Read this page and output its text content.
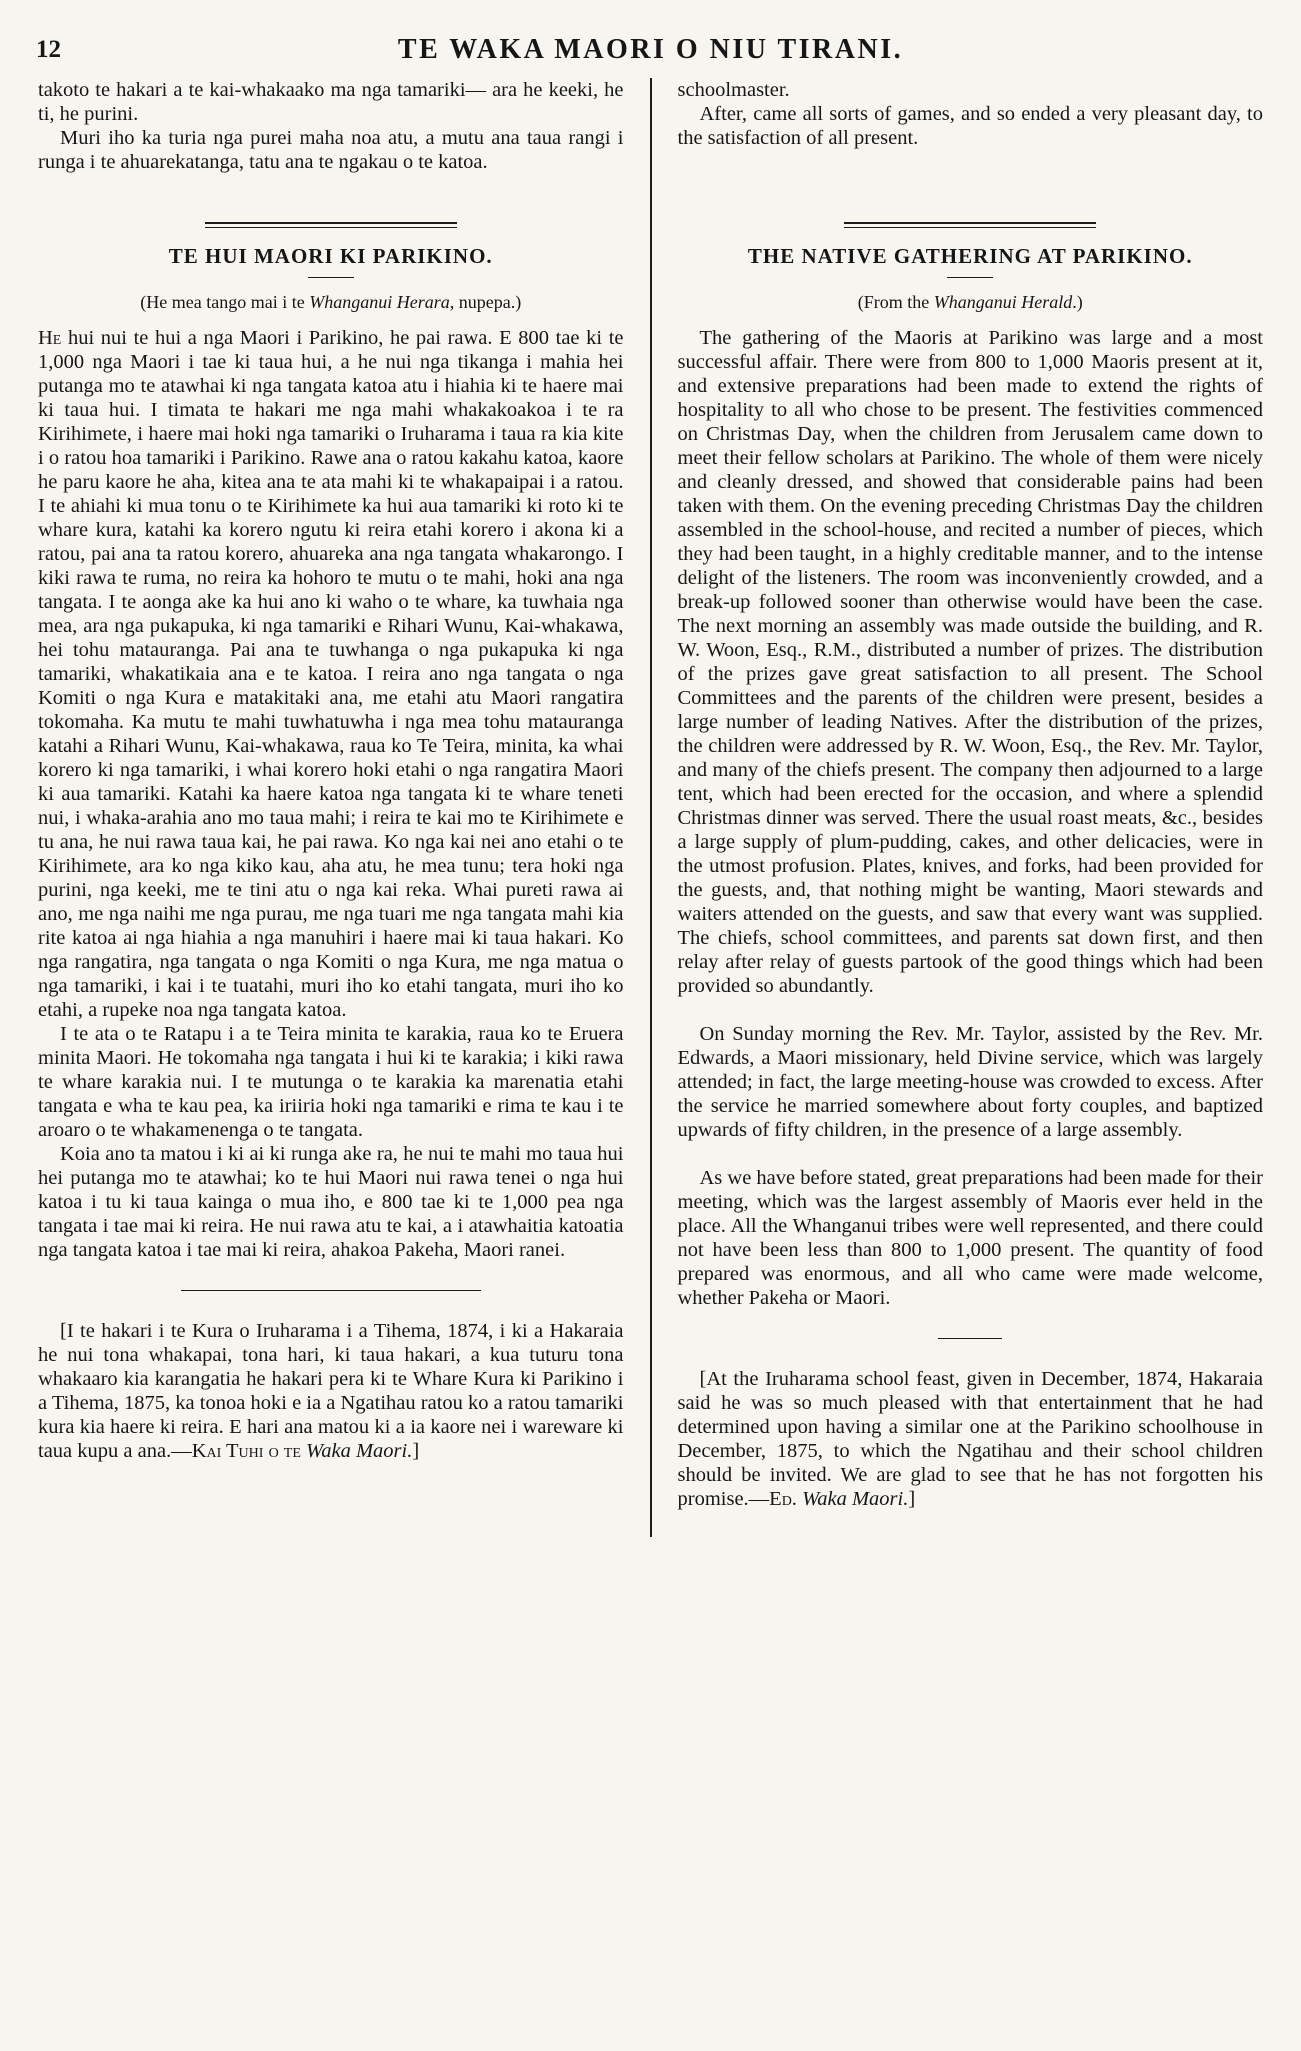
12	TE WAKA MAORI O NIU TIRANI.

takoto te hakari a te kai-whakaako ma nga tamariki— ara he keeki, he ti, he purini.

Muri iho ka turia nga purei maha noa atu, a mutu ana taua rangi i runga i te ahuarekatanga, tatu ana te ngakau o te katoa.

TE HUI MAORI KI PARIKINO.

(He mea tango mai i te Whanganui Herara, nupepa.)

He hui nui te hui a nga Maori i Parikino, he pai rawa. E 800 tae ki te 1,000 nga Maori i tae ki taua hui, a he nui nga tikanga i mahia hei putanga mo te atawhai ki nga tangata katoa atu i hiahia ki te haere mai ki taua hui. I timata te hakari me nga mahi whakakoakoa i te ra Kirihimete, i haere mai hoki nga tamariki o Iruharama i taua ra kia kite i o ratou hoa tamariki i Parikino. Rawe ana o ratou kakahu katoa, kaore he paru kaore he aha, kitea ana te ata mahi ki te whakapaipai i a ratou. I te ahiahi ki mua tonu o te Kirihimete ka hui aua tamariki ki roto ki te whare kura, katahi ka korero ngutu ki reira etahi korero i akona ki a ratou, pai ana ta ratou korero, ahuareka ana nga tangata whakarongo. I kiki rawa te ruma, no reira ka hohoro te mutu o te mahi, hoki ana nga tangata. I te aonga ake ka hui ano ki waho o te whare, ka tuwhaia nga mea, ara nga pukapuka, ki nga tamariki e Rihari Wunu, Kai-whakawa, hei tohu matauranga. Pai ana te tuwhanga o nga pukapuka ki nga tamariki, whakatikaia ana e te katoa. I reira ano nga tangata o nga Komiti o nga Kura e matakitaki ana, me etahi atu Maori rangatira tokomaha. Ka mutu te mahi tuwhatuwha i nga mea tohu matauranga katahi a Rihari Wunu, Kai-whakawa, raua ko Te Teira, minita, ka whai korero ki nga tamariki, i whai korero hoki etahi o nga rangatira Maori ki aua tamariki. Katahi ka haere katoa nga tangata ki te whare teneti nui, i whaka-arahia ano mo taua mahi; i reira te kai mo te Kirihimete e tu ana, he nui rawa taua kai, he pai rawa. Ko nga kai nei ano etahi o te Kirihimete, ara ko nga kiko kau, aha atu, he mea tunu; tera hoki nga purini, nga keeki, me te tini atu o nga kai reka. Whai pureti rawa ai ano, me nga naihi me nga purau, me nga tuari me nga tangata mahi kia rite katoa ai nga hiahia a nga manuhiri i haere mai ki taua hakari. Ko nga rangatira, nga tangata o nga Komiti o nga Kura, me nga matua o nga tamariki, i kai i te tuatahi, muri iho ko etahi tangata, muri iho ko etahi, a rupeke noa nga tangata katoa.

I te ata o te Ratapu i a te Teira minita te karakia, raua ko te Eruera minita Maori. He tokomaha nga tangata i hui ki te karakia; i kiki rawa te whare karakia nui. I te mutunga o te karakia ka marenatia etahi tangata e wha te kau pea, ka iriiria hoki nga tamariki e rima te kau i te aroaro o te whakamenenga o te tangata.

Koia ano ta matou i ki ai ki runga ake ra, he nui te mahi mo taua hui hei putanga mo te atawhai; ko te hui Maori nui rawa tenei o nga hui katoa i tu ki taua kainga o mua iho, e 800 tae ki te 1,000 pea nga tangata i tae mai ki reira. He nui rawa atu te kai, a i atawhaitia katoatia nga tangata katoa i tae mai ki reira, ahakoa Pakeha, Maori ranei.

[I te hakari i te Kura o Iruharama i a Tihema, 1874, i ki a Hakaraia he nui tona whakapai, tona hari, ki taua hakari, a kua tuturu tona whakaaro kia karangatia he hakari pera ki te Whare Kura ki Parikino i a Tihema, 1875, ka tonoa hoki e ia a Ngatihau ratou ko a ratou tamariki kura kia haere ki reira. E hari ana matou ki a ia kaore nei i wareware ki taua kupu a ana.—Kai Tuhi o te Waka Maori.]

schoolmaster.

After, came all sorts of games, and so ended a very pleasant day, to the satisfaction of all present.

THE NATIVE GATHERING AT PARIKINO.

(From the Whanganui Herald.)

The gathering of the Maoris at Parikino was large and a most successful affair. There were from 800 to 1,000 Maoris present at it, and extensive preparations had been made to extend the rights of hospitality to all who chose to be present. The festivities commenced on Christmas Day, when the children from Jerusalem came down to meet their fellow scholars at Parikino. The whole of them were nicely and cleanly dressed, and showed that considerable pains had been taken with them. On the evening preceding Christmas Day the children assembled in the school-house, and recited a number of pieces, which they had been taught, in a highly creditable manner, and to the intense delight of the listeners. The room was inconveniently crowded, and a break-up followed sooner than otherwise would have been the case. The next morning an assembly was made outside the building, and R. W. Woon, Esq., R.M., distributed a number of prizes. The distribution of the prizes gave great satisfaction to all present. The School Committees and the parents of the children were present, besides a large number of leading Natives. After the distribution of the prizes, the children were addressed by R. W. Woon, Esq., the Rev. Mr. Taylor, and many of the chiefs present. The company then adjourned to a large tent, which had been erected for the occasion, and where a splendid Christmas dinner was served. There the usual roast meats, &c., besides a large supply of plum-pudding, cakes, and other delicacies, were in the utmost profusion. Plates, knives, and forks, had been provided for the guests, and, that nothing might be wanting, Maori stewards and waiters attended on the guests, and saw that every want was supplied. The chiefs, school committees, and parents sat down first, and then relay after relay of guests partook of the good things which had been provided so abundantly.

On Sunday morning the Rev. Mr. Taylor, assisted by the Rev. Mr. Edwards, a Maori missionary, held Divine service, which was largely attended; in fact, the large meeting-house was crowded to excess. After the service he married somewhere about forty couples, and baptized upwards of fifty children, in the presence of a large assembly.

As we have before stated, great preparations had been made for their meeting, which was the largest assembly of Maoris ever held in the place. All the Whanganui tribes were well represented, and there could not have been less than 800 to 1,000 present. The quantity of food prepared was enormous, and all who came were made welcome, whether Pakeha or Maori.

[At the Iruharama school feast, given in December, 1874, Hakaraia said he was so much pleased with that entertainment that he had determined upon having a similar one at the Parikino schoolhouse in December, 1875, to which the Ngatihau and their school children should be invited. We are glad to see that he has not forgotten his promise.—Ed. Waka Maori.]
